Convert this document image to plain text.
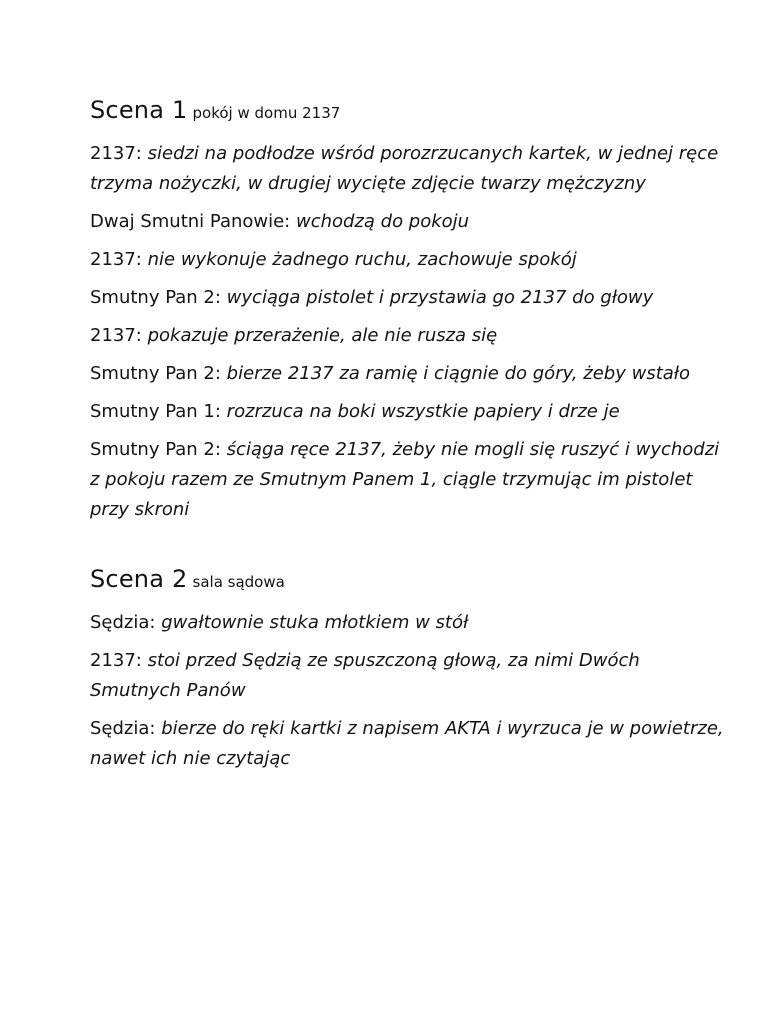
Scena 1 pokój w domu 2137

2137: siedzi na podłodze wśród porozrzucanych kartek, w jednej ręce trzyma nożyczki, w drugiej wycięte zdjęcie twarzy mężczyzny

Dwaj Smutni Panowie: wchodzą do pokoju

2137: nie wykonuje żadnego ruchu, zachowuje spokój

Smutny Pan 2: wyciąga pistolet i przystawia go 2137 do głowy

2137: pokazuje przerażenie, ale nie rusza się

Smutny Pan 2: bierze 2137 za ramię i ciągnie do góry, żeby wstało

Smutny Pan 1: rozrzuca na boki wszystkie papiery i drze je

Smutny Pan 2: ściąga ręce 2137, żeby nie mogli się ruszyć i wychodzi z pokoju razem ze Smutnym Panem 1, ciągle trzymując im pistolet przy skroni

Scena 2 sala sądowa

Sędzia: gwałtownie stuka młotkiem w stół

2137: stoi przed Sędzią ze spuszczoną głową, za nimi Dwóch Smutnych Panów

Sędzia: bierze do ręki kartki z napisem AKTA i wyrzuca je w powietrze, nawet ich nie czytając
